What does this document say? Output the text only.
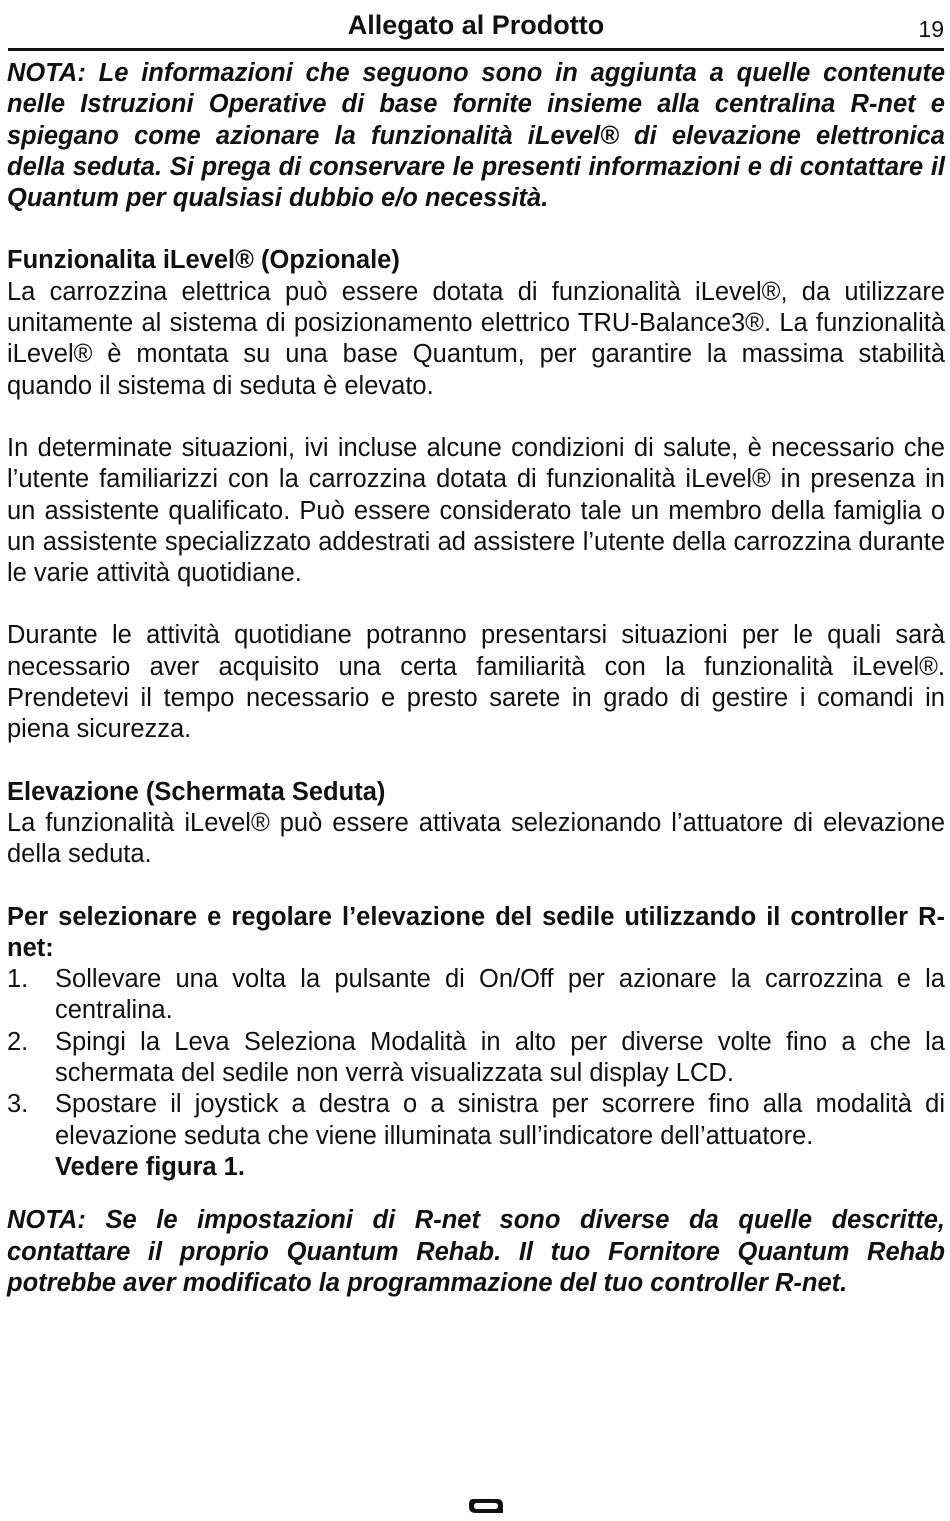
Allegato al Prodotto	19

NOTA: Le informazioni che seguono sono in aggiunta a quelle contenute nelle Istruzioni Operative di base fornite insieme alla centralina R-net e spiegano come azionare la funzionalità iLevel® di elevazione elettronica della seduta. Si prega di conservare le presenti informazioni e di contattare il Quantum per qualsiasi dubbio e/o necessità.

Funzionalita iLevel® (Opzionale)

La carrozzina elettrica può essere dotata di funzionalità iLevel®, da utilizzare unitamente al sistema di posizionamento elettrico TRU-Balance3®. La funzionalità iLevel® è montata su una base Quantum, per garantire la massima stabilità quando il sistema di seduta è elevato.

In determinate situazioni, ivi incluse alcune condizioni di salute, è necessario che l’utente familiarizzi con la carrozzina dotata di funzionalità iLevel® in presenza in un assistente qualificato. Può essere considerato tale un membro della famiglia o un assistente specializzato addestrati ad assistere l’utente della carrozzina durante le varie attività quotidiane.

Durante le attività quotidiane potranno presentarsi situazioni per le quali sarà necessario aver acquisito una certa familiarità con la funzionalità iLevel®. Prendetevi il tempo necessario e presto sarete in grado di gestire i comandi in piena sicurezza.

Elevazione (Schermata Seduta)

La funzionalità iLevel® può essere attivata selezionando l’attuatore di elevazione della seduta.

Per selezionare e regolare l’elevazione del sedile utilizzando il controller R-net:

1.	Sollevare una volta la pulsante di On/Off per azionare la carrozzina e la centralina.
2.	Spingi la Leva Seleziona Modalità in alto per diverse volte fino a che la schermata del sedile non verrà visualizzata sul display LCD.
3.	Spostare il joystick a destra o a sinistra per scorrere fino alla modalità di elevazione seduta che viene illuminata sull’indicatore dell’attuatore.
Vedere figura 1.

NOTA: Se le impostazioni di R-net sono diverse da quelle descritte, contattare il proprio Quantum Rehab. Il tuo Fornitore Quantum Rehab potrebbe aver modificato la programmazione del tuo controller R-net.
